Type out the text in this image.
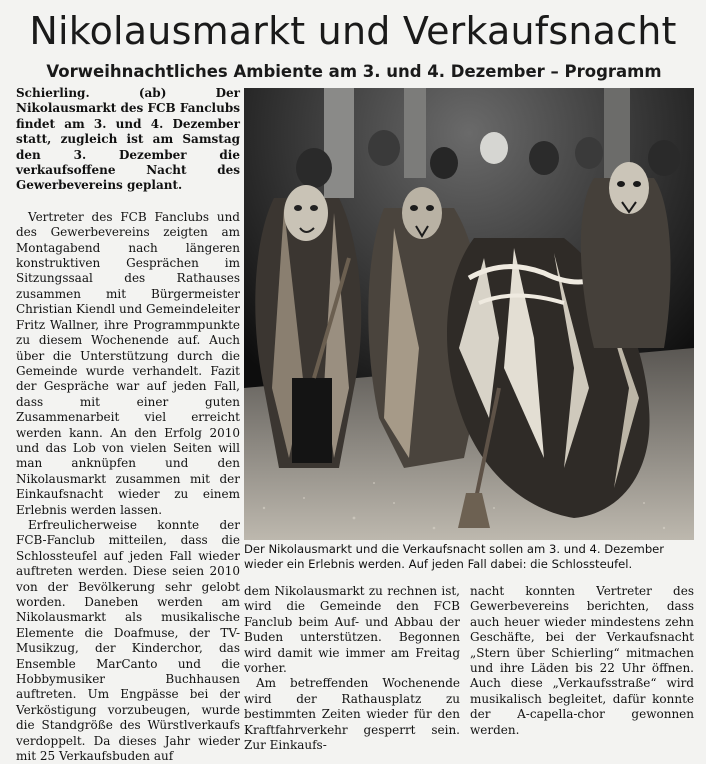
Nikolausmarkt und Verkaufsnacht
Vorweihnachtliches Ambiente am 3. und 4. Dezember – Programm

Schierling. (ab)	Der Nikolausmarkt des FCB Fanclubs findet am 3. und 4. Dezember statt, zugleich ist am Samstag den 3. Dezember die verkaufsoffene Nacht des Gewerbevereins geplant.

Vertreter des FCB Fanclubs und des Gewerbevereins zeigten am Montagabend nach längeren konstruktiven Gesprächen im Sitzungssaal des Rathauses zusammen mit Bürgermeister Christian Kiendl und Gemeindeleiter Fritz Wallner, ihre Programmpunkte zu diesem Wochenende auf. Auch über die Unterstützung durch die Gemeinde wurde verhandelt. Fazit der Gespräche war auf jeden Fall, dass mit einer guten Zusammenarbeit viel erreicht werden kann. An den Erfolg 2010 und das Lob von vielen Seiten will man anknüpfen und den Nikolausmarkt zusammen mit der Einkaufsnacht wieder zu einem Erlebnis werden lassen.

Erfreulicherweise konnte der FCB-Fanclub mitteilen, dass die Schlossteufel auf jeden Fall wieder auftreten werden. Diese seien 2010 von der Bevölkerung sehr gelobt worden. Daneben werden am Nikolausmarkt als musikalische Elemente die Doafmuse, der TV-Musikzug, der Kinderchor, das Ensemble MarCanto und die Hobbymusiker Buchhausen auftreten. Um Engpässe bei der Verköstigung vorzubeugen, wurde die Standgröße des Würstlverkaufs verdoppelt. Da dieses Jahr wieder mit 25 Verkaufsbuden auf

Der Nikolausmarkt und die Verkaufsnacht sollen am 3. und 4. Dezember wieder ein Erlebnis werden. Auf jeden Fall dabei: die Schlossteufel.

dem Nikolausmarkt zu rechnen ist, wird die Gemeinde den FCB Fanclub beim Auf- und Abbau der Buden unterstützen. Begonnen wird damit wie immer am Freitag vorher.

Am betreffenden Wochenende wird der Rathausplatz zu bestimmten Zeiten wieder für den Kraftfahrverkehr gesperrt sein. Zur Einkaufs-

nacht konnten Vertreter des Gewerbevereins berichten, dass auch heuer wieder mindestens zehn Geschäfte, bei der Verkaufsnacht „Stern über Schierling“ mitmachen und ihre Läden bis 22 Uhr öffnen. Auch diese „Verkaufsstraße“ wird musikalisch begleitet, dafür konnte der A-capella-chor gewonnen werden.
